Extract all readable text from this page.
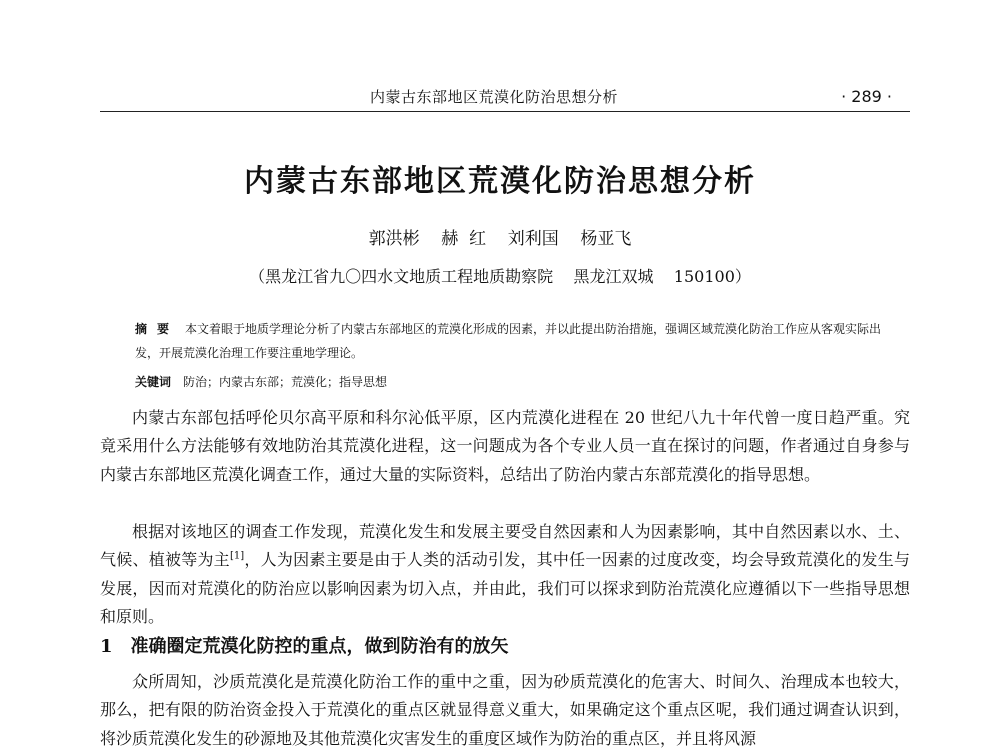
内蒙古东部地区荒漠化防治思想分析	· 289 ·
内蒙古东部地区荒漠化防治思想分析
郭洪彬    赫  红    刘利国    杨亚飞
（黑龙江省九〇四水文地质工程地质勘察院    黑龙江双城    150100）
摘要 本文着眼于地质学理论分析了内蒙古东部地区的荒漠化形成的因素，并以此提出防治措施，强调区域荒漠化防治工作应从客观实际出发，开展荒漠化治理工作要注重地学理论。
关键词 防治；内蒙古东部；荒漠化；指导思想

内蒙古东部包括呼伦贝尔高平原和科尔沁低平原，区内荒漠化进程在 20 世纪八九十年代曾一度日趋严重。究竟采用什么方法能够有效地防治其荒漠化进程，这一问题成为各个专业人员一直在探讨的问题，作者通过自身参与内蒙古东部地区荒漠化调查工作，通过大量的实际资料，总结出了防治内蒙古东部荒漠化的指导思想。

根据对该地区的调查工作发现，荒漠化发生和发展主要受自然因素和人为因素影响，其中自然因素以水、土、气候、植被等为主[1]，人为因素主要是由于人类的活动引发，其中任一因素的过度改变，均会导致荒漠化的发生与发展，因而对荒漠化的防治应以影响因素为切入点，并由此，我们可以探求到防治荒漠化应遵循以下一些指导思想和原则。

1 准确圈定荒漠化防控的重点，做到防治有的放矢

众所周知，沙质荒漠化是荒漠化防治工作的重中之重，因为砂质荒漠化的危害大、时间久、治理成本也较大，那么，把有限的防治资金投入于荒漠化的重点区就显得意义重大，如果确定这个重点区呢，我们通过调查认识到，将沙质荒漠化发生的砂源地及其他荒漠化灾害发生的重度区域作为防治的重点区，并且将风源
